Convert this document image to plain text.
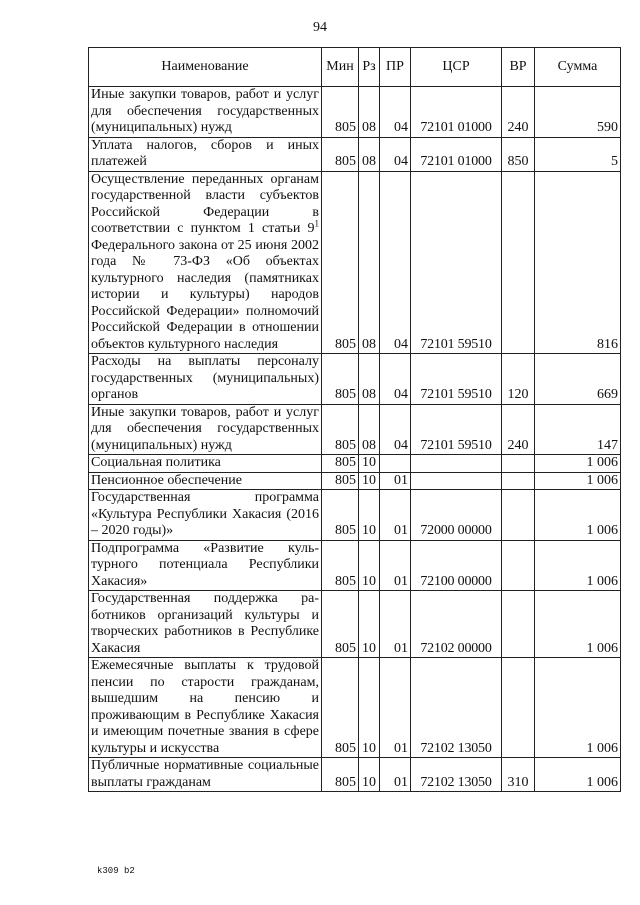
94
Наименование	Мин	Рз	ПР	ЦСР	ВР	Сумма
Иные закупки товаров, работ и услуг для обеспечения государственных (муниципальных) нужд	805	08	04	72101 01000	240	590
Уплата налогов, сборов и иных платежей	805	08	04	72101 01000	850	5
Осуществление переданных органам государственной власти субъектов Российской Федерации в соответствии с пунктом 1 статьи $9^1$ Федерального закона от 25 июня 2002 года № 73-ФЗ «Об объектах культурного наследия (памятниках истории и культуры) народов Российской Федерации» полномочий Российской Федерации в отношении объектов культурного наследия	805	08	04	72101 59510		816
Расходы на выплаты персоналу государственных (муниципальных) органов	805	08	04	72101 59510	120	669
Иные закупки товаров, работ и услуг для обеспечения государственных (муниципальных) нужд	805	08	04	72101 59510	240	147
Социальная политика	805	10				1 006
Пенсионное обеспечение	805	10	01			1 006
Государственная программа «Культура Республики Хакасия (2016 – 2020 годы)»	805	10	01	72000 00000		1 006
Подпрограмма «Развитие культурного потенциала Республики Хакасия»	805	10	01	72100 00000		1 006
Государственная поддержка работников организаций культуры и творческих работников в Республике Хакасия	805	10	01	72102 00000		1 006
Ежемесячные выплаты к трудовой пенсии по старости гражданам, вышедшим на пенсию и проживающим в Республике Хакасия и имеющим почетные звания в сфере культуры и искусства	805	10	01	72102 13050		1 006
Публичные нормативные социальные выплаты гражданам	805	10	01	72102 13050	310	1 006
k309 b2
